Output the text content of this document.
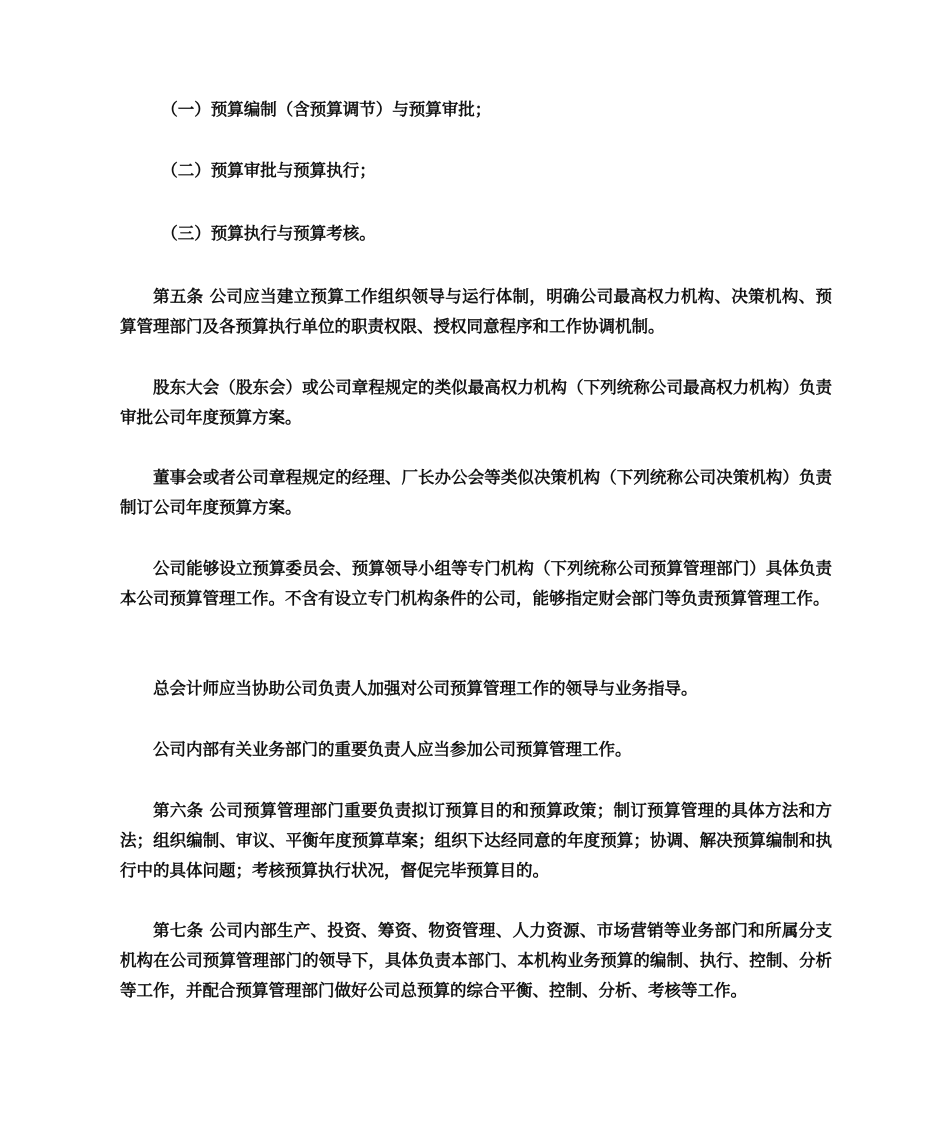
（一）预算编制（含预算调节）与预算审批；

（二）预算审批与预算执行；

（三）预算执行与预算考核。

第五条 公司应当建立预算工作组织领导与运行体制，明确公司最高权力机构、决策机构、预算管理部门及各预算执行单位的职责权限、授权同意程序和工作协调机制。

股东大会（股东会）或公司章程规定的类似最高权力机构（下列统称公司最高权力机构）负责审批公司年度预算方案。

董事会或者公司章程规定的经理、厂长办公会等类似决策机构（下列统称公司决策机构）负责制订公司年度预算方案。

公司能够设立预算委员会、预算领导小组等专门机构（下列统称公司预算管理部门）具体负责本公司预算管理工作。不含有设立专门机构条件的公司，能够指定财会部门等负责预算管理工作。

总会计师应当协助公司负责人加强对公司预算管理工作的领导与业务指导。

公司内部有关业务部门的重要负责人应当参加公司预算管理工作。

第六条 公司预算管理部门重要负责拟订预算目的和预算政策；制订预算管理的具体方法和方法；组织编制、审议、平衡年度预算草案；组织下达经同意的年度预算；协调、解决预算编制和执行中的具体问题；考核预算执行状况，督促完毕预算目的。

第七条 公司内部生产、投资、筹资、物资管理、人力资源、市场营销等业务部门和所属分支机构在公司预算管理部门的领导下，具体负责本部门、本机构业务预算的编制、执行、控制、分析等工作，并配合预算管理部门做好公司总预算的综合平衡、控制、分析、考核等工作。
